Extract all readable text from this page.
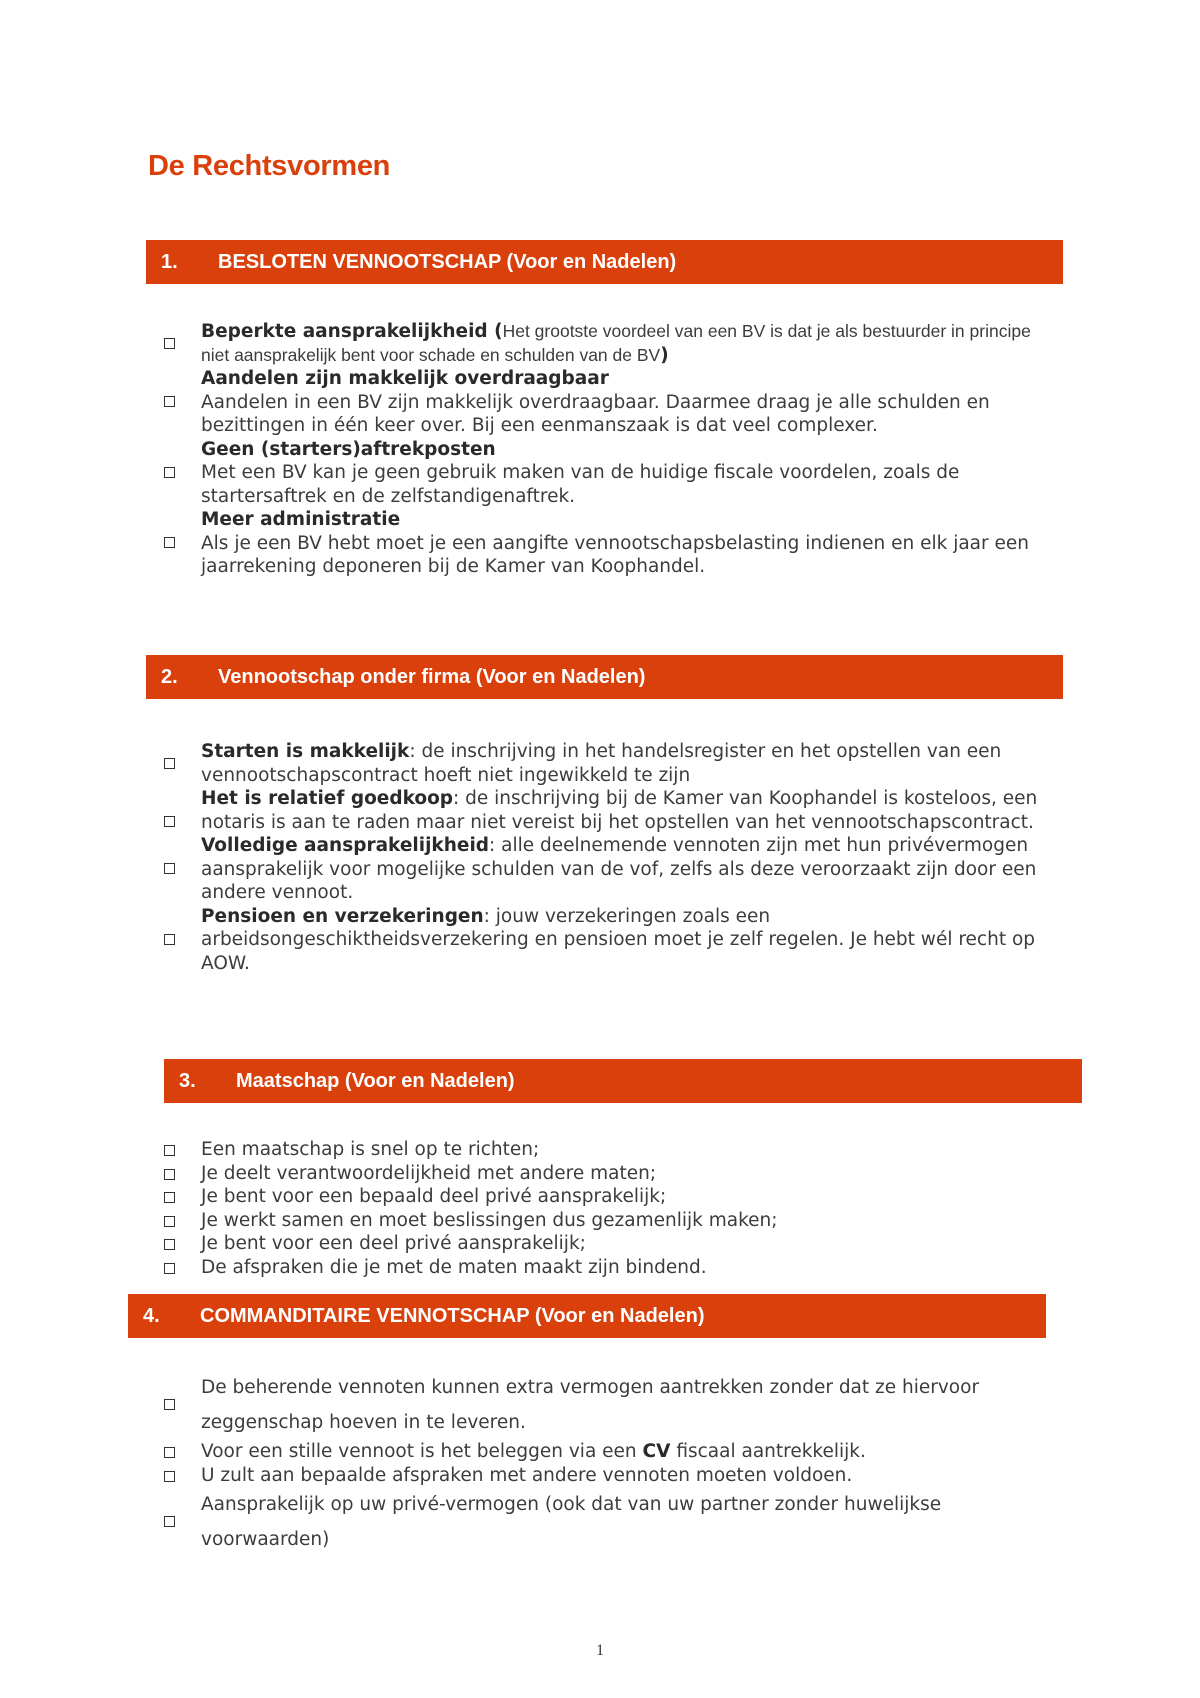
De Rechtsvormen
1.	BESLOTEN VENNOOTSCHAP (Voor en Nadelen)
Beperkte aansprakelijkheid (Het grootste voordeel van een BV is dat je als bestuurder in principe niet aansprakelijk bent voor schade en schulden van de BV)
Aandelen zijn makkelijk overdraagbaar
Aandelen in een BV zijn makkelijk overdraagbaar. Daarmee draag je alle schulden en bezittingen in één keer over. Bij een eenmanszaak is dat veel complexer.
Geen (starters)aftrekposten
Met een BV kan je geen gebruik maken van de huidige fiscale voordelen, zoals de startersaftrek en de zelfstandigenaftrek.
Meer administratie
Als je een BV hebt moet je een aangifte vennootschapsbelasting indienen en elk jaar een jaarrekening deponeren bij de Kamer van Koophandel.
2.	Vennootschap onder firma (Voor en Nadelen)
Starten is makkelijk: de inschrijving in het handelsregister en het opstellen van een vennootschapscontract hoeft niet ingewikkeld te zijn
Het is relatief goedkoop: de inschrijving bij de Kamer van Koophandel is kosteloos, een notaris is aan te raden maar niet vereist bij het opstellen van het vennootschapscontract.
Volledige aansprakelijkheid: alle deelnemende vennoten zijn met hun privévermogen aansprakelijk voor mogelijke schulden van de vof, zelfs als deze veroorzaakt zijn door een andere vennoot.
Pensioen en verzekeringen: jouw verzekeringen zoals een arbeidsongeschiktheidsverzekering en pensioen moet je zelf regelen. Je hebt wél recht op AOW.
3.	Maatschap (Voor en Nadelen)
Een maatschap is snel op te richten;
Je deelt verantwoordelijkheid met andere maten;
Je bent voor een bepaald deel privé aansprakelijk;
Je werkt samen en moet beslissingen dus gezamenlijk maken;
Je bent voor een deel privé aansprakelijk;
De afspraken die je met de maten maakt zijn bindend.
4.	COMMANDITAIRE VENNOTSCHAP (Voor en Nadelen)
De beherende vennoten kunnen extra vermogen aantrekken zonder dat ze hiervoor zeggenschap hoeven in te leveren.
Voor een stille vennoot is het beleggen via een CV fiscaal aantrekkelijk.
U zult aan bepaalde afspraken met andere vennoten moeten voldoen.
Aansprakelijk op uw privé-vermogen (ook dat van uw partner zonder huwelijkse voorwaarden)
1
